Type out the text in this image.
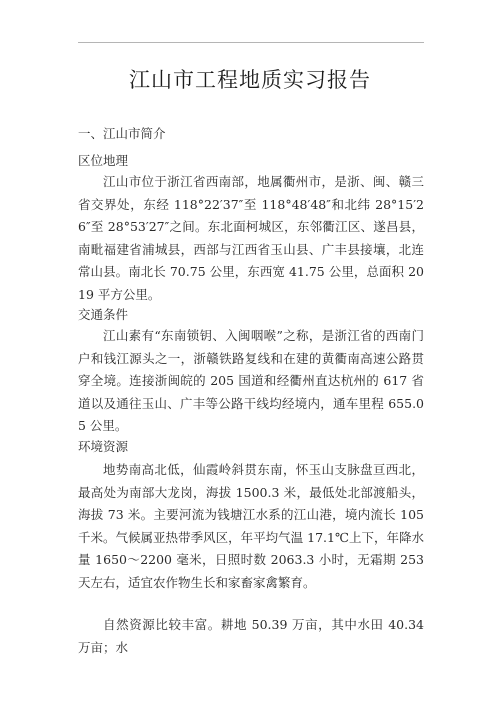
江山市工程地质实习报告
一、江山市简介
区位地理
江山市位于浙江省西南部，地属衢州市，是浙、闽、赣三省交界处，东经 118°22′37″至 118°48′48″和北纬 28°15′26″至 28°53′27″之间。东北面柯城区，东邻衢江区、遂昌县，南毗福建省浦城县，西部与江西省玉山县、广丰县接壤，北连常山县。南北长 70.75 公里，东西宽 41.75 公里，总面积 2019 平方公里。
交通条件
江山素有“东南锁钥、入闽咽喉”之称，是浙江省的西南门户和钱江源头之一，浙赣铁路复线和在建的黄衢南高速公路贯穿全境。连接浙闽皖的 205 国道和经衢州直达杭州的 617 省道以及通往玉山、广丰等公路干线均经境内，通车里程 655.05 公里。
环境资源
地势南高北低，仙霞岭斜贯东南，怀玉山支脉盘亘西北，最高处为南部大龙岗，海拔 1500.3 米，最低处北部渡船头，海拔 73 米。主要河流为钱塘江水系的江山港，境内流长 105 千米。气候属亚热带季风区，年平均气温 17.1℃上下，年降水量 1650～2200 毫米，日照时数 2063.3 小时，无霜期 253 天左右，适宜农作物生长和家畜家禽繁育。
自然资源比较丰富。耕地 50.39 万亩，其中水田 40.34 万亩；水
